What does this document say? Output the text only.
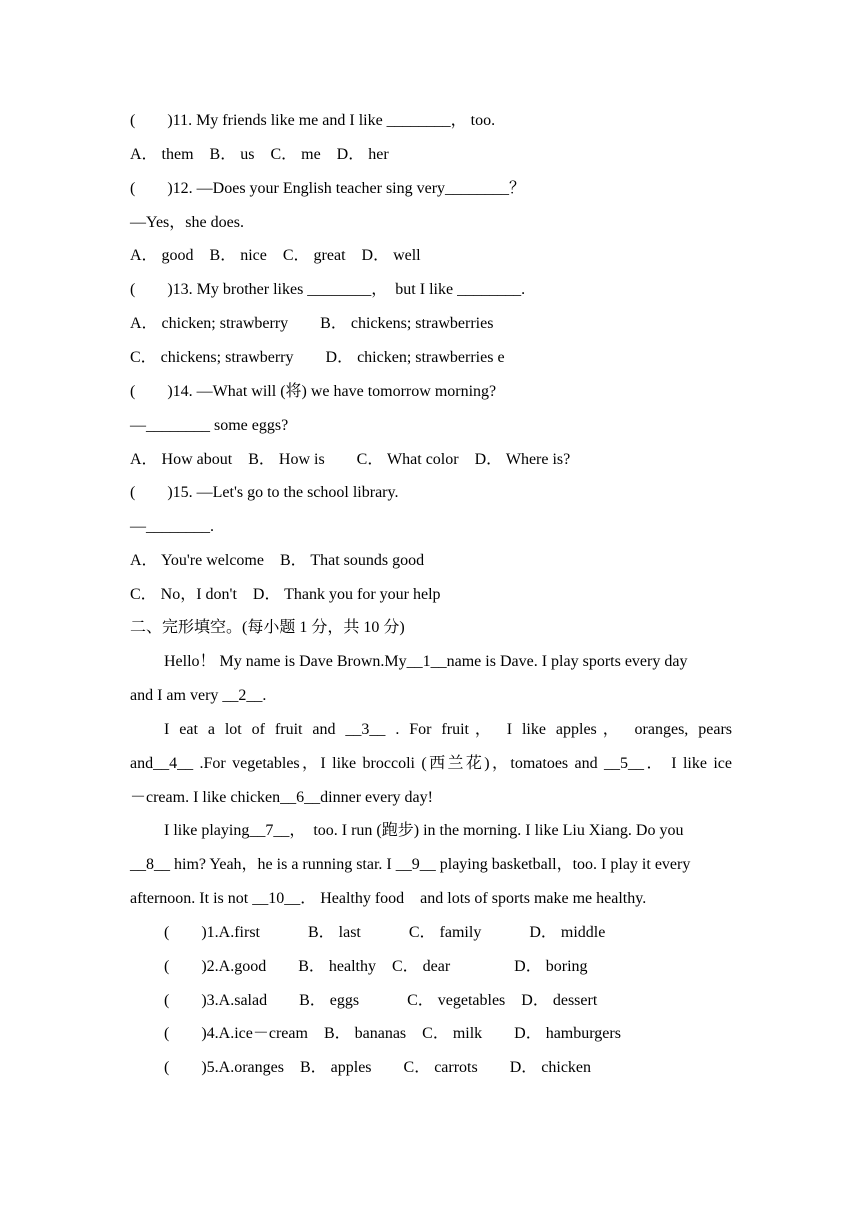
(　　)11. My friends like me and I like ________， too.
A． them　B． us　C． me　D． her
(　　)12. —Does your English teacher sing very________？
—Yes，she does.
A． good　B． nice　C． great　D． well
(　　)13. My brother likes ________，　but I like ________.
A． chicken; strawberry　　B． chickens; strawberries
C． chickens; strawberry　　D． chicken; strawberries e
(　　)14. —What will (将) we have tomorrow morning?
—________ some eggs?
A． How about　B． How is　　C． What color　D． Where is?
(　　)15. —Let's go to the school library.
—________.
A． You're welcome　B． That sounds good
C． No，I don't　D． Thank you for your help
二、完形填空。(每小题 1 分，共 10 分)
Hello！ My name is Dave Brown.My__1__name is Dave. I play sports every day
and I am very __2__.
I eat a lot of fruit and __3__ . For fruit， I like apples， oranges, pears
and__4__ .For vegetables，I like broccoli (西兰花)，tomatoes and __5__． I like ice
－cream. I like chicken__6__dinner every day!
I like playing__7__，　too. I run (跑步) in the morning. I like Liu Xiang. Do you
__8__ him? Yeah，he is a running star. I __9__ playing basketball，too. I play it every
afternoon. It is not __10__． Healthy food　and lots of sports make me healthy.
(　　)1.A.first　　　B． last　　　C． family　　　D． middle
(　　)2.A.good　　B． healthy　C． dear　　　　D． boring
(　　)3.A.salad　　B． eggs　　　C． vegetables　D． dessert
(　　)4.A.ice－cream　B． bananas　C． milk　　D． hamburgers
(　　)5.A.oranges　B． apples　　C． carrots　　D． chicken
